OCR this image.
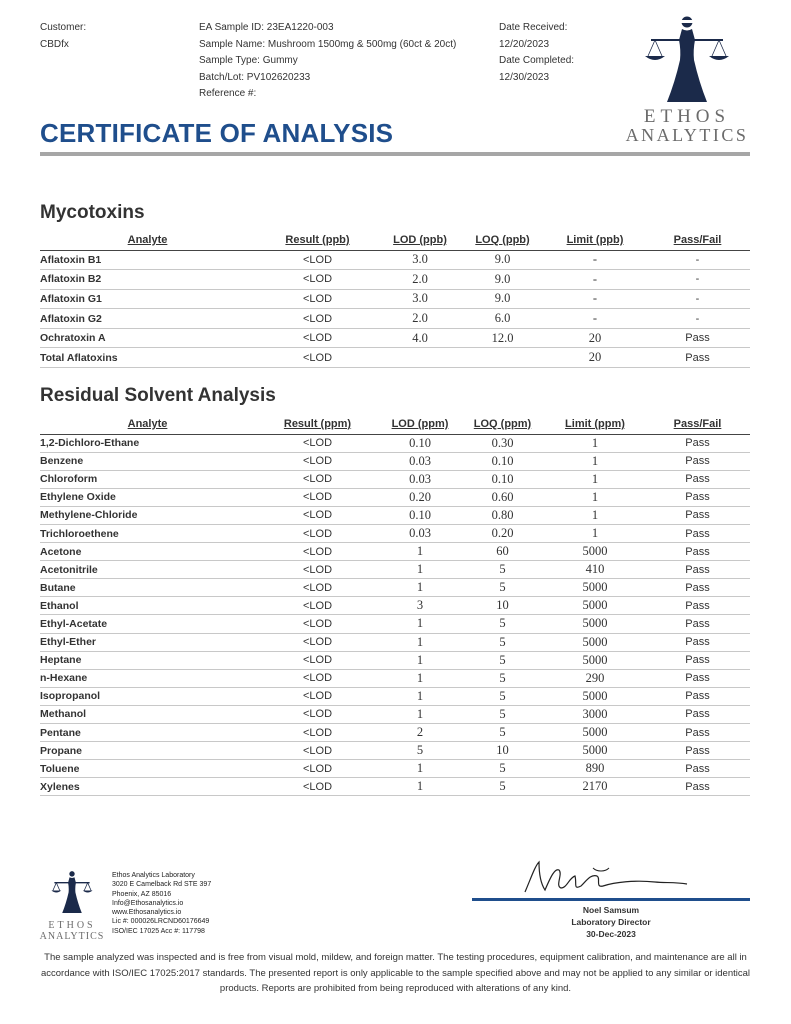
Customer:
CBDfx
EA Sample ID: 23EA1220-003
Sample Name: Mushroom 1500mg & 500mg (60ct & 20ct)
Sample Type: Gummy
Batch/Lot: PV102620233
Reference #:
Date Received:
12/20/2023
Date Completed:
12/30/2023
ETHOS
ANALYTICS
CERTIFICATE OF ANALYSIS
Mycotoxins
Analyte	Result (ppb)	LOD (ppb)	LOQ (ppb)	Limit (ppb)	Pass/Fail
Aflatoxin B1	<LOD	3.0	9.0	-	-
Aflatoxin B2	<LOD	2.0	9.0	-	-
Aflatoxin G1	<LOD	3.0	9.0	-	-
Aflatoxin G2	<LOD	2.0	6.0	-	-
Ochratoxin A	<LOD	4.0	12.0	20	Pass
Total Aflatoxins	<LOD			20	Pass
Residual Solvent Analysis
Analyte	Result (ppm)	LOD (ppm)	LOQ (ppm)	Limit (ppm)	Pass/Fail
1,2-Dichloro-Ethane	<LOD	0.10	0.30	1	Pass
Benzene	<LOD	0.03	0.10	1	Pass
Chloroform	<LOD	0.03	0.10	1	Pass
Ethylene Oxide	<LOD	0.20	0.60	1	Pass
Methylene-Chloride	<LOD	0.10	0.80	1	Pass
Trichloroethene	<LOD	0.03	0.20	1	Pass
Acetone	<LOD	1	60	5000	Pass
Acetonitrile	<LOD	1	5	410	Pass
Butane	<LOD	1	5	5000	Pass
Ethanol	<LOD	3	10	5000	Pass
Ethyl-Acetate	<LOD	1	5	5000	Pass
Ethyl-Ether	<LOD	1	5	5000	Pass
Heptane	<LOD	1	5	5000	Pass
n-Hexane	<LOD	1	5	290	Pass
Isopropanol	<LOD	1	5	5000	Pass
Methanol	<LOD	1	5	3000	Pass
Pentane	<LOD	2	5	5000	Pass
Propane	<LOD	5	10	5000	Pass
Toluene	<LOD	1	5	890	Pass
Xylenes	<LOD	1	5	2170	Pass
ETHOS
ANALYTICS
Ethos Analytics Laboratory
3020 E Camelback Rd STE 397
Phoenix, AZ 85016
Info@Ethosanalytics.io
www.Ethosanalytics.io
Lic #: 000026LRCND60176649
ISO/IEC 17025 Acc #: 117798
Noel Samsum
Laboratory Director
30-Dec-2023
The sample analyzed was inspected and is free from visual mold, mildew, and foreign matter. The testing procedures, equipment calibration, and maintenance are all in accordance with ISO/IEC 17025:2017 standards. The presented report is only applicable to the sample specified above and may not be applied to any similar or identical products. Reports are prohibited from being reproduced with alterations of any kind.
